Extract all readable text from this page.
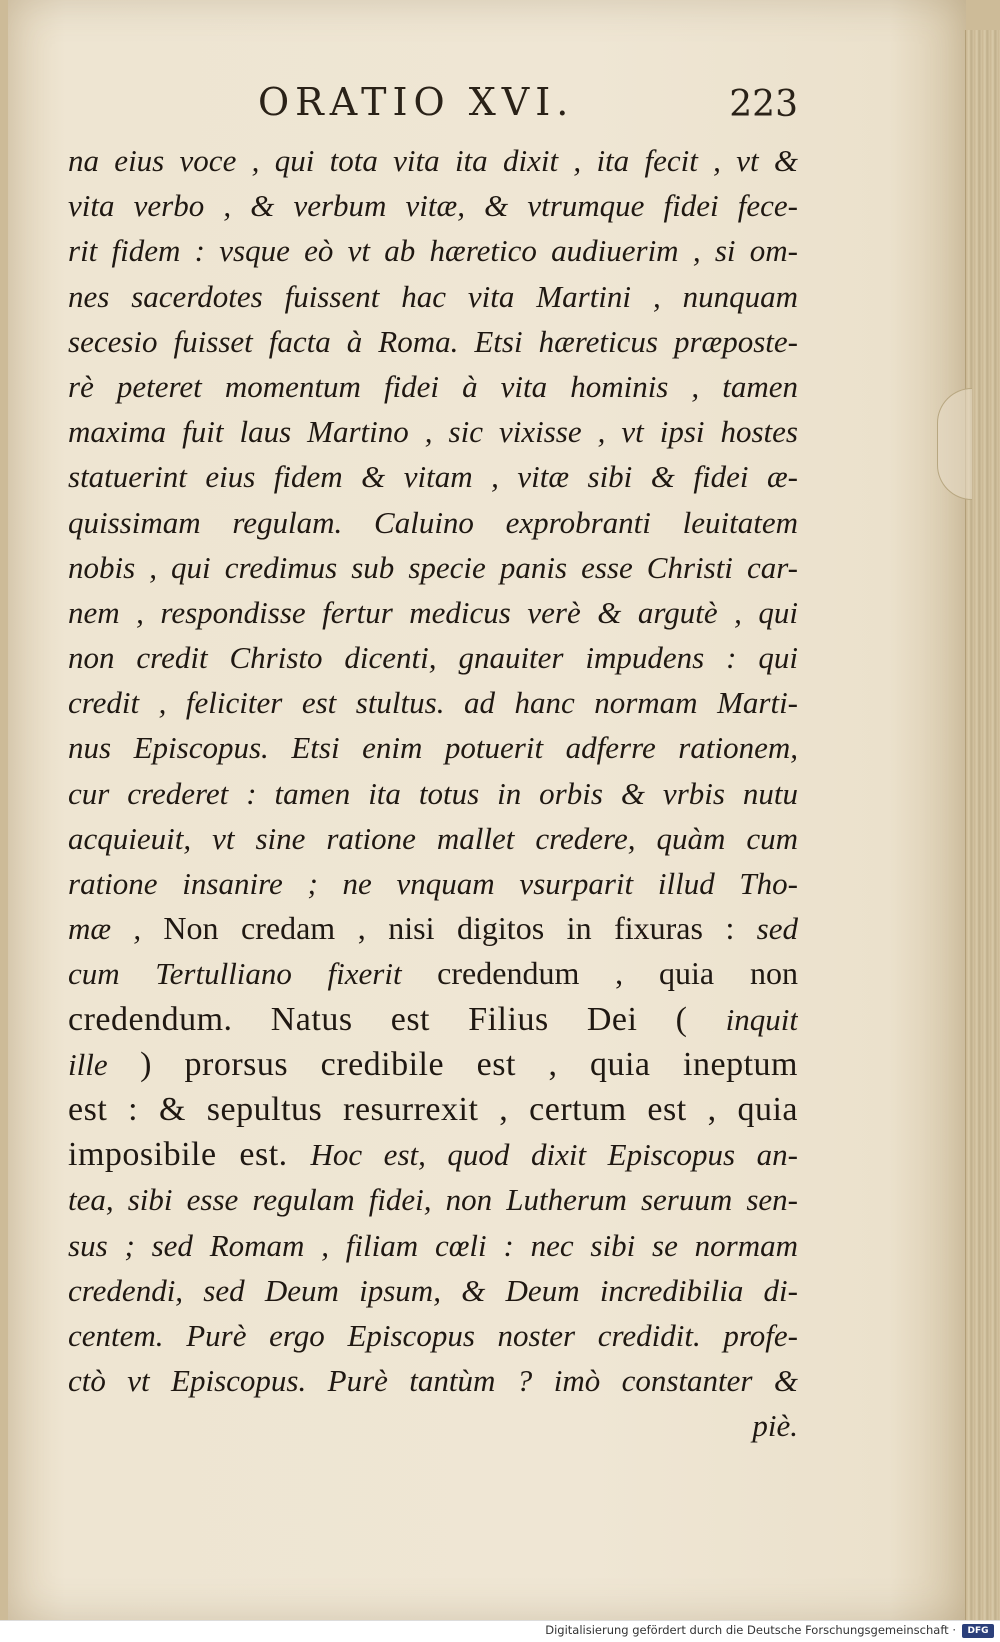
ORATIO XVI.	223
na eius voce , qui tota vita ita dixit , ita fecit , vt &
vita verbo , & verbum vitæ, & vtrumque fidei fece-
rit fidem : vsque eò vt ab hæretico audiuerim , si om-
nes sacerdotes fuissent hac vita Martini , nunquam
secesio fuisset facta à Roma. Etsi hæreticus præposte-
rè peteret momentum fidei à vita hominis , tamen
maxima fuit laus Martino , sic vixisse , vt ipsi hostes
statuerint eius fidem & vitam , vitæ sibi & fidei æ-
quissimam regulam. Caluino exprobranti leuitatem
nobis , qui credimus sub specie panis esse Christi car-
nem , respondisse fertur medicus verè & argutè , qui
non credit Christo dicenti, gnauiter impudens : qui
credit , feliciter est stultus. ad hanc normam Marti-
nus Episcopus. Etsi enim potuerit adferre rationem,
cur crederet : tamen ita totus in orbis & vrbis nutu
acquieuit, vt sine ratione mallet credere, quàm cum
ratione insanire ; ne vnquam vsurparit illud Tho-
mæ , Non credam , nisi digitos in fixuras : sed
cum Tertulliano fixerit credendum , quia non
credendum. Natus est Filius Dei ( inquit
ille ) prorsus credibile est , quia ineptum
est : & sepultus resurrexit , certum est , quia
imposibile est. Hoc est, quod dixit Episcopus an-
tea, sibi esse regulam fidei, non Lutherum seruum sen-
sus ; sed Romam , filiam cœli : nec sibi se normam
credendi, sed Deum ipsum, & Deum incredibilia di-
centem. Purè ergo Episcopus noster credidit. profe-
ctò vt Episcopus. Purè tantùm ? imò constanter &
piè.
Digitalisierung gefördert durch die Deutsche Forschungsgemeinschaft ·	DFG
